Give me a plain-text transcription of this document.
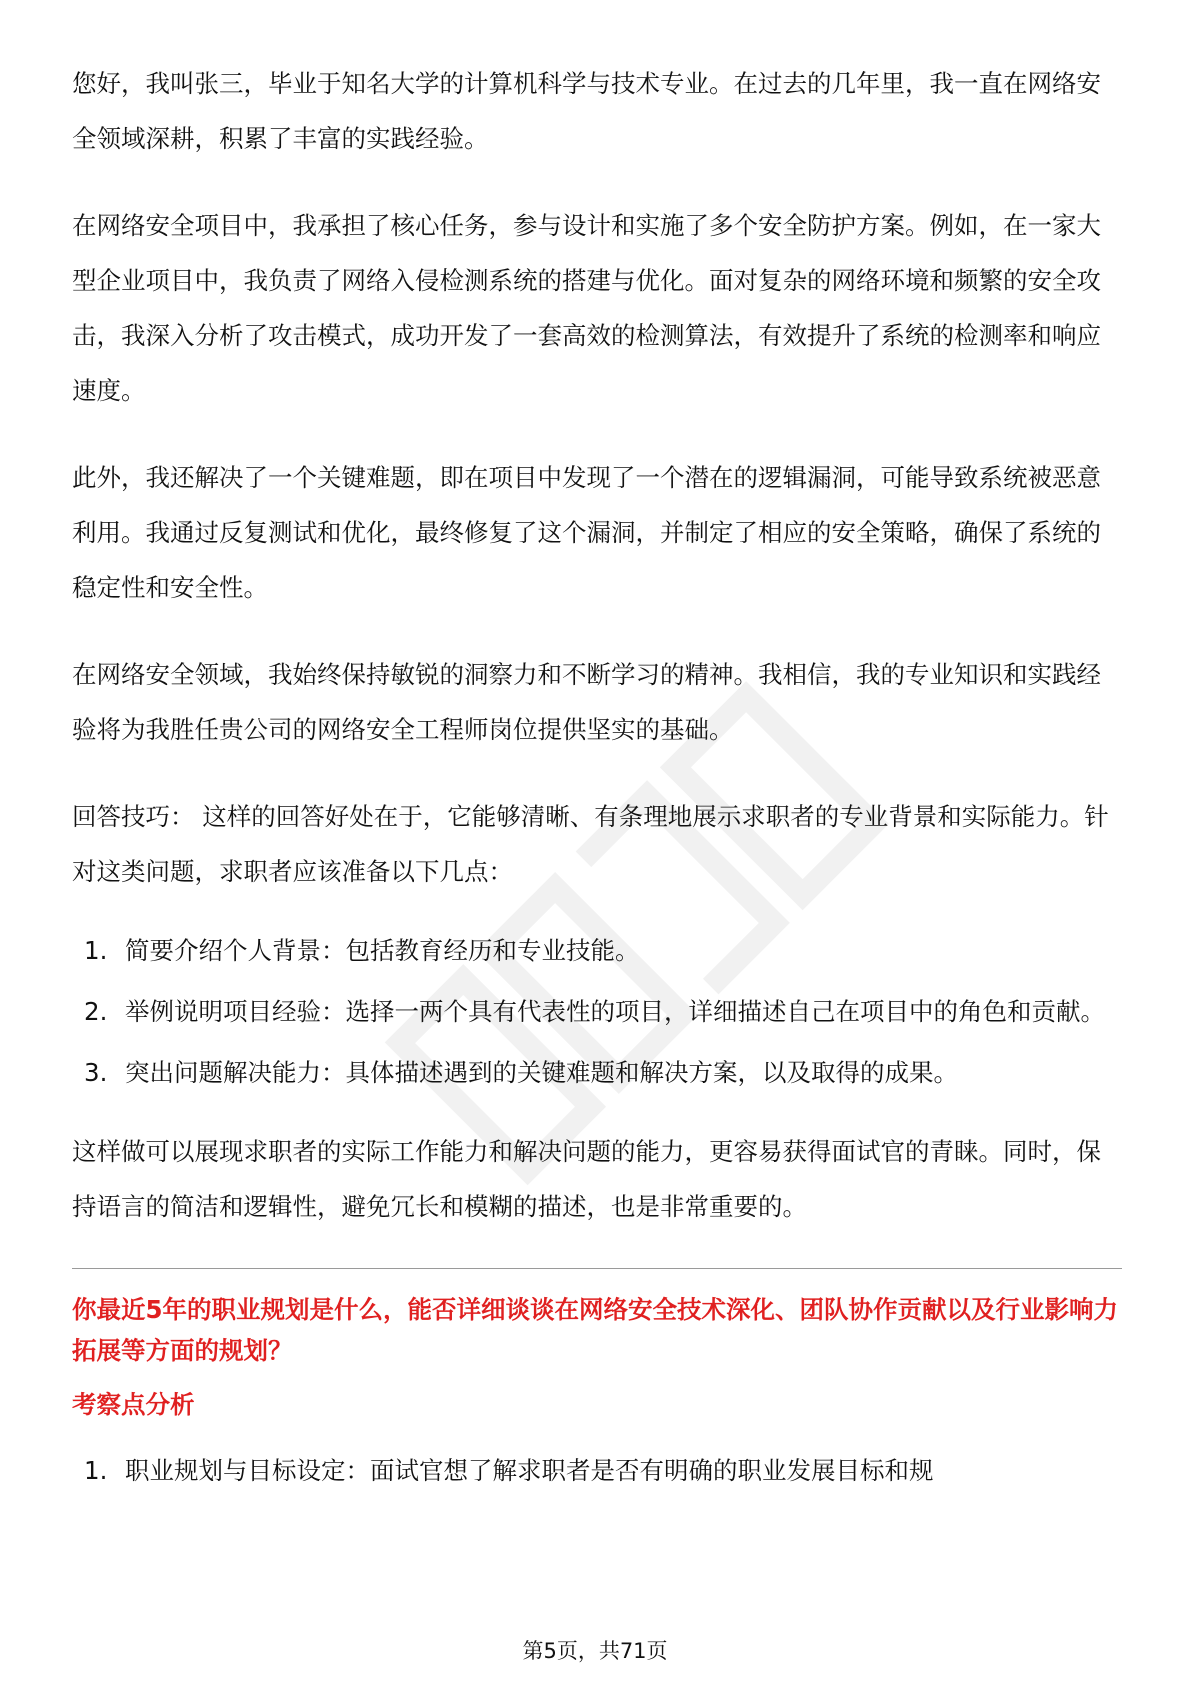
您好，我叫张三，毕业于知名大学的计算机科学与技术专业。在过去的几年里，我一直在网络安全领域深耕，积累了丰富的实践经验。

在网络安全项目中，我承担了核心任务，参与设计和实施了多个安全防护方案。例如，在一家大型企业项目中，我负责了网络入侵检测系统的搭建与优化。面对复杂的网络环境和频繁的安全攻击，我深入分析了攻击模式，成功开发了一套高效的检测算法，有效提升了系统的检测率和响应速度。

此外，我还解决了一个关键难题，即在项目中发现了一个潜在的逻辑漏洞，可能导致系统被恶意利用。我通过反复测试和优化，最终修复了这个漏洞，并制定了相应的安全策略，确保了系统的稳定性和安全性。

在网络安全领域，我始终保持敏锐的洞察力和不断学习的精神。我相信，我的专业知识和实践经验将为我胜任贵公司的网络安全工程师岗位提供坚实的基础。

回答技巧： 这样的回答好处在于，它能够清晰、有条理地展示求职者的专业背景和实际能力。针对这类问题，求职者应该准备以下几点：

1. 简要介绍个人背景：包括教育经历和专业技能。
2. 举例说明项目经验：选择一两个具有代表性的项目，详细描述自己在项目中的角色和贡献。
3. 突出问题解决能力：具体描述遇到的关键难题和解决方案，以及取得的成果。

这样做可以展现求职者的实际工作能力和解决问题的能力，更容易获得面试官的青睐。同时，保持语言的简洁和逻辑性，避免冗长和模糊的描述，也是非常重要的。

你最近5年的职业规划是什么，能否详细谈谈在网络安全技术深化、团队协作贡献以及行业影响力拓展等方面的规划？

考察点分析

1. 职业规划与目标设定：面试官想了解求职者是否有明确的职业发展目标和规
第5页，共71页
